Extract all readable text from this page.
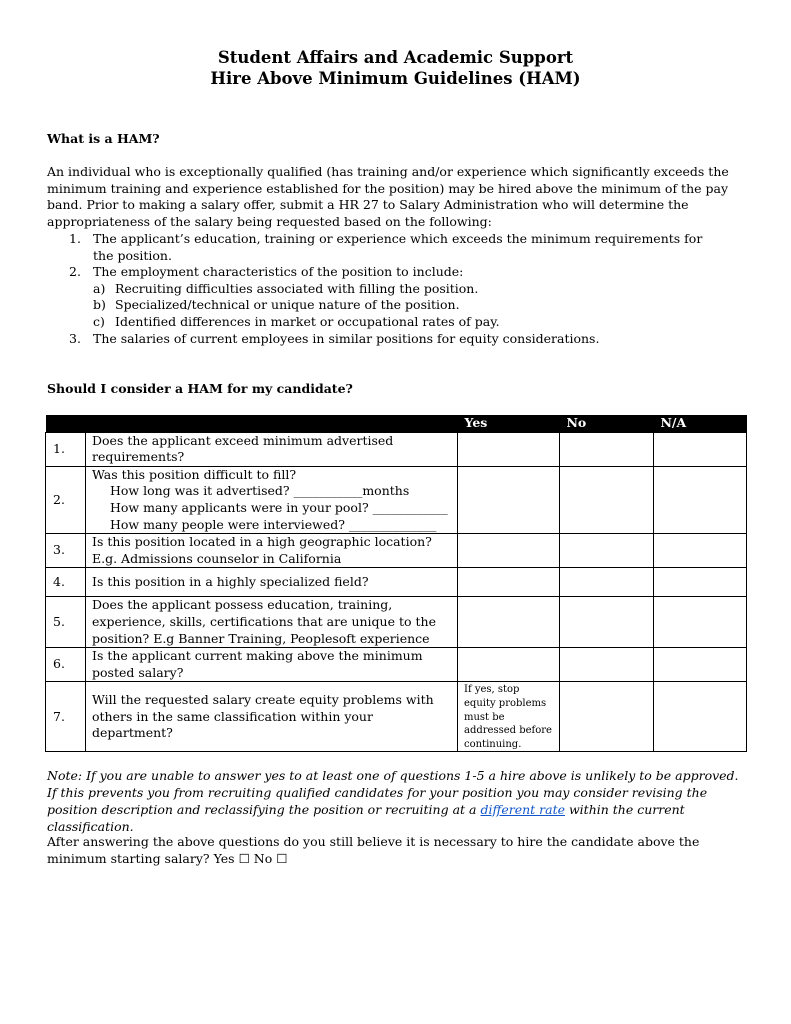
Student Affairs and Academic Support
Hire Above Minimum Guidelines (HAM)
What is a HAM?
An individual who is exceptionally qualified (has training and/or experience which significantly exceeds the minimum training and experience established for the position) may be hired above the minimum of the pay band. Prior to making a salary offer, submit a HR 27 to Salary Administration who will determine the appropriateness of the salary being requested based on the following:
1. The applicant’s education, training or experience which exceeds the minimum requirements for the position.
2. The employment characteristics of the position to include:
a) Recruiting difficulties associated with filling the position.
b) Specialized/technical or unique nature of the position.
c) Identified differences in market or occupational rates of pay.
3. The salaries of current employees in similar positions for equity considerations.
Should I consider a HAM for my candidate?
		Yes	No	N/A
1.	Does the applicant exceed minimum advertised requirements?			
2.	Was this position difficult to fill?
How long was it advertised? ___________months
How many applicants were in your pool? ____________
How many people were interviewed? ______________			

3.	Is this position located in a high geographic location? E.g. Admissions counselor in California			
4.	Is this position in a highly specialized field?			
5.	Does the applicant possess education, training, experience, skills, certifications that are unique to the position? E.g Banner Training, Peoplesoft experience			
6.	Is the applicant current making above the minimum posted salary?			
7.	Will the requested salary create equity problems with others in the same classification within your department?	If yes, stop equity problems must be addressed before continuing.		
Note: If you are unable to answer yes to at least one of questions 1-5 a hire above is unlikely to be approved. If this prevents you from recruiting qualified candidates for your position you may consider revising the position description and reclassifying the position or recruiting at a different rate within the current classification.
After answering the above questions do you still believe it is necessary to hire the candidate above the minimum starting salary? Yes ☐ No ☐
